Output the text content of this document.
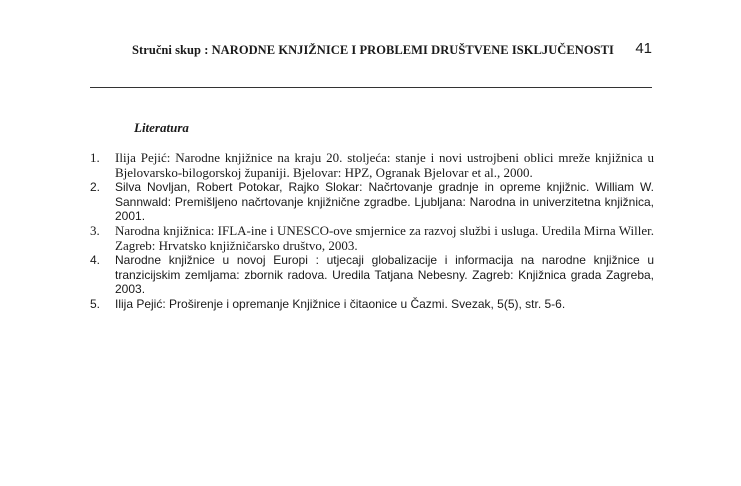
Stručni skup : NARODNE KNJIŽNICE I PROBLEMI DRUŠTVENE ISKLJUČENOSTI 41
Literatura
1. Ilija Pejić: Narodne knjižnice na kraju 20. stoljeća: stanje i novi ustrojbeni oblici mreže knjižnica u Bjelovarsko-bilogorskoj županiji. Bjelovar: HPZ, Ogranak Bjelovar et al., 2000.
2. Silva Novljan, Robert Potokar, Rajko Slokar: Načrtovanje gradnje in opreme knjižnic. William W. Sannwald: Premišljeno načrtovanje knjižnične zgradbe. Ljubljana: Narodna in univerzitetna knjižnica, 2001.
3. Narodna knjižnica: IFLA-ine i UNESCO-ove smjernice za razvoj službi i usluga. Uredila Mirna Willer. Zagreb: Hrvatsko knjižničarsko društvo, 2003.
4. Narodne knjižnice u novoj Europi : utjecaji globalizacije i informacija na narodne knjižnice u tranzicijskim zemljama: zbornik radova. Uredila Tatjana Nebesny. Zagreb: Knjižnica grada Zagreba, 2003.
5. Ilija Pejić: Proširenje i opremanje Knjižnice i čitaonice u Čazmi. Svezak, 5(5), str. 5-6.
